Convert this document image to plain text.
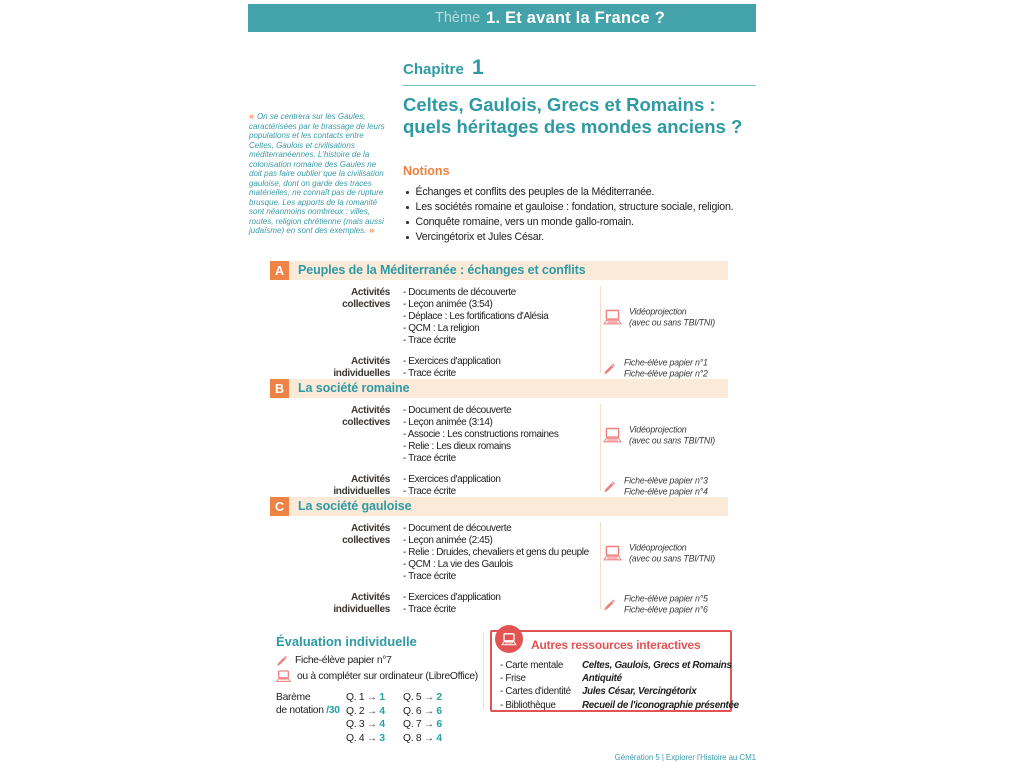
Thème 1. Et avant la France ?
Chapitre 1
Celtes, Gaulois, Grecs et Romains :
quels héritages des mondes anciens ?
« On se centrera sur les Gaules, caractérisées par le brassage de leurs populations et les contacts entre Celtes, Gaulois et civilisations méditerranéennes. L'histoire de la colonisation romaine des Gaules ne doit pas faire oublier que la civilisation gauloise, dont on garde des traces matérielles, ne connaît pas de rupture brusque. Les apports de la romanité sont néanmoins nombreux : villes, routes, religion chrétienne (mais aussi judaïsme) en sont des exemples. »
Notions
Échanges et conflits des peuples de la Méditerranée.
Les sociétés romaine et gauloise : fondation, structure sociale, religion.
Conquête romaine, vers un monde gallo-romain.
Vercingétorix et Jules César.
A	Peuples de la Méditerranée : échanges et conflits
Activités
collectives
- Documents de découverte
- Leçon animée (3:54)
- Déplace : Les fortifications d'Alésia
- QCM : La religion
- Trace écrite
Vidéoprojection
(avec ou sans TBI/TNI)
Activités
individuelles
- Exercices d'application
- Trace écrite
Fiche-élève papier n°1
Fiche-élève papier n°2
B	La société romaine
Activités
collectives
- Document de découverte
- Leçon animée (3:14)
- Associe : Les constructions romaines
- Relie : Les dieux romains
- Trace écrite
Vidéoprojection
(avec ou sans TBI/TNI)
Activités
individuelles
- Exercices d'application
- Trace écrite
Fiche-élève papier n°3
Fiche-élève papier n°4
C	La société gauloise
Activités
collectives
- Document de découverte
- Leçon animée (2:45)
- Relie : Druides, chevaliers et gens du peuple
- QCM : La vie des Gaulois
- Trace écrite
Vidéoprojection
(avec ou sans TBI/TNI)
Activités
individuelles
- Exercices d'application
- Trace écrite
Fiche-élève papier n°5
Fiche-élève papier n°6
Évaluation individuelle
Fiche-élève papier n°7
ou à compléter sur ordinateur (LibreOffice)
Barème
de notation /30
Q. 1 → 1	Q. 5 → 2
Q. 2 → 4	Q. 6 → 6
Q. 3 → 4	Q. 7 → 6
Q. 4 → 3	Q. 8 → 4
Autres ressources interactives
- Carte mentale	Celtes, Gaulois, Grecs et Romains
- Frise	Antiquité
- Cartes d'identité	Jules César, Vercingétorix
- Bibliothèque	Recueil de l'iconographie présentée
Génération 5 | Explorer l'Histoire au CM1
